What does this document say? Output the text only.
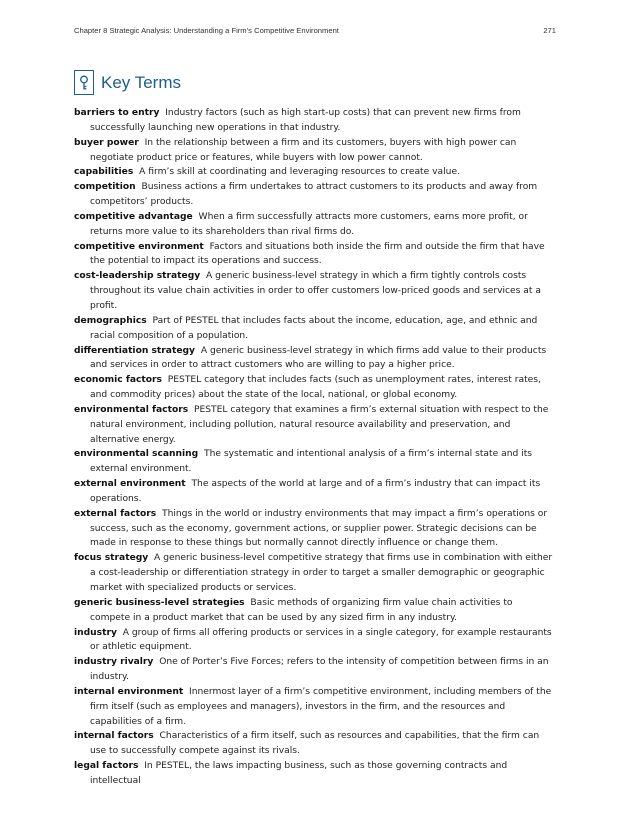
Chapter 8 Strategic Analysis: Understanding a Firm’s Competitive Environment	271
Key Terms

barriers to entry Industry factors (such as high start-up costs) that can prevent new firms from successfully launching new operations in that industry.

buyer power In the relationship between a firm and its customers, buyers with high power can negotiate product price or features, while buyers with low power cannot.

capabilities A firm’s skill at coordinating and leveraging resources to create value.

competition Business actions a firm undertakes to attract customers to its products and away from competitors’ products.

competitive advantage When a firm successfully attracts more customers, earns more profit, or returns more value to its shareholders than rival firms do.

competitive environment Factors and situations both inside the firm and outside the firm that have the potential to impact its operations and success.

cost-leadership strategy A generic business-level strategy in which a firm tightly controls costs throughout its value chain activities in order to offer customers low-priced goods and services at a profit.

demographics Part of PESTEL that includes facts about the income, education, age, and ethnic and racial composition of a population.

differentiation strategy A generic business-level strategy in which firms add value to their products and services in order to attract customers who are willing to pay a higher price.

economic factors PESTEL category that includes facts (such as unemployment rates, interest rates, and commodity prices) about the state of the local, national, or global economy.

environmental factors PESTEL category that examines a firm’s external situation with respect to the natural environment, including pollution, natural resource availability and preservation, and alternative energy.

environmental scanning The systematic and intentional analysis of a firm’s internal state and its external environment.

external environment The aspects of the world at large and of a firm’s industry that can impact its operations.

external factors Things in the world or industry environments that may impact a firm’s operations or success, such as the economy, government actions, or supplier power. Strategic decisions can be made in response to these things but normally cannot directly influence or change them.

focus strategy A generic business-level competitive strategy that firms use in combination with either a cost-leadership or differentiation strategy in order to target a smaller demographic or geographic market with specialized products or services.

generic business-level strategies Basic methods of organizing firm value chain activities to compete in a product market that can be used by any sized firm in any industry.

industry A group of firms all offering products or services in a single category, for example restaurants or athletic equipment.

industry rivalry One of Porter’s Five Forces; refers to the intensity of competition between firms in an industry.

internal environment Innermost layer of a firm’s competitive environment, including members of the firm itself (such as employees and managers), investors in the firm, and the resources and capabilities of a firm.

internal factors Characteristics of a firm itself, such as resources and capabilities, that the firm can use to successfully compete against its rivals.

legal factors In PESTEL, the laws impacting business, such as those governing contracts and intellectual
